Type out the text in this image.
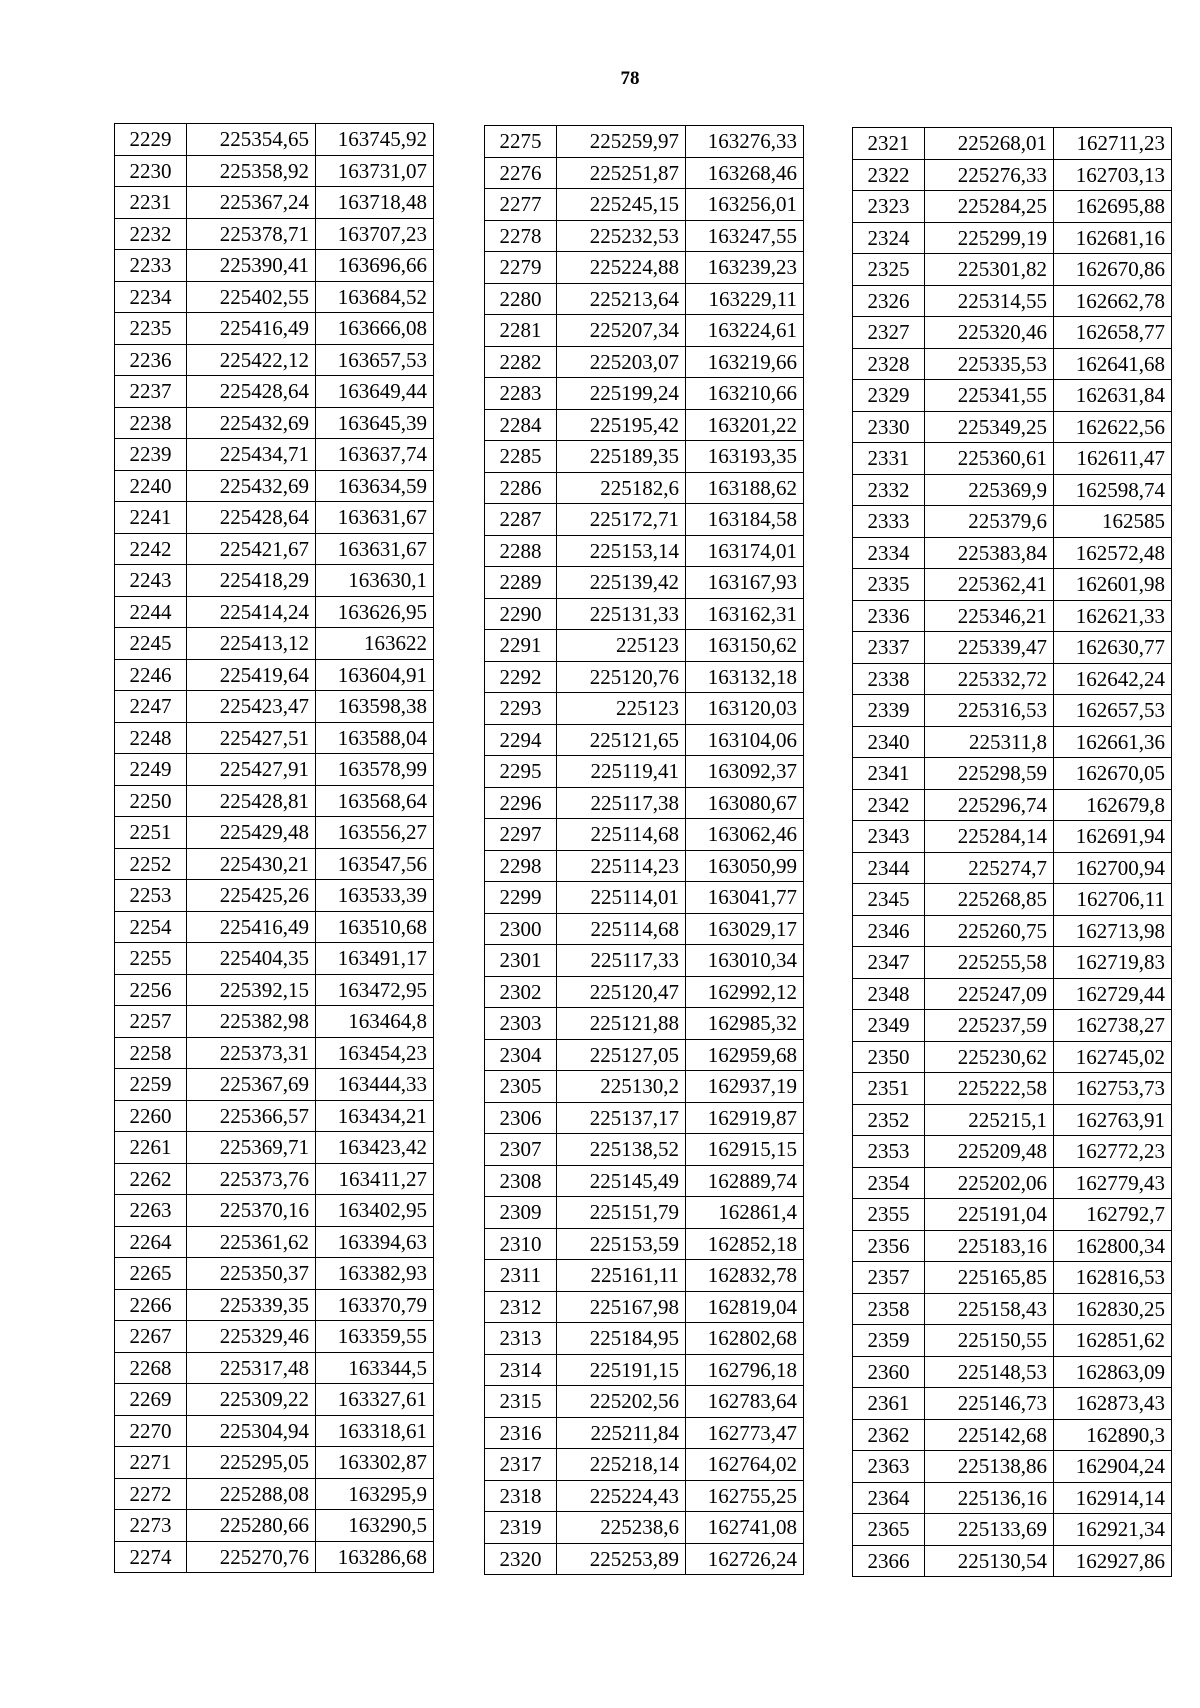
78
2229	225354,65	163745,92
2230	225358,92	163731,07
2231	225367,24	163718,48
2232	225378,71	163707,23
2233	225390,41	163696,66
2234	225402,55	163684,52
2235	225416,49	163666,08
2236	225422,12	163657,53
2237	225428,64	163649,44
2238	225432,69	163645,39
2239	225434,71	163637,74
2240	225432,69	163634,59
2241	225428,64	163631,67
2242	225421,67	163631,67
2243	225418,29	163630,1
2244	225414,24	163626,95
2245	225413,12	163622
2246	225419,64	163604,91
2247	225423,47	163598,38
2248	225427,51	163588,04
2249	225427,91	163578,99
2250	225428,81	163568,64
2251	225429,48	163556,27
2252	225430,21	163547,56
2253	225425,26	163533,39
2254	225416,49	163510,68
2255	225404,35	163491,17
2256	225392,15	163472,95
2257	225382,98	163464,8
2258	225373,31	163454,23
2259	225367,69	163444,33
2260	225366,57	163434,21
2261	225369,71	163423,42
2262	225373,76	163411,27
2263	225370,16	163402,95
2264	225361,62	163394,63
2265	225350,37	163382,93
2266	225339,35	163370,79
2267	225329,46	163359,55
2268	225317,48	163344,5
2269	225309,22	163327,61
2270	225304,94	163318,61
2271	225295,05	163302,87
2272	225288,08	163295,9
2273	225280,66	163290,5
2274	225270,76	163286,68
2275	225259,97	163276,33
2276	225251,87	163268,46
2277	225245,15	163256,01
2278	225232,53	163247,55
2279	225224,88	163239,23
2280	225213,64	163229,11
2281	225207,34	163224,61
2282	225203,07	163219,66
2283	225199,24	163210,66
2284	225195,42	163201,22
2285	225189,35	163193,35
2286	225182,6	163188,62
2287	225172,71	163184,58
2288	225153,14	163174,01
2289	225139,42	163167,93
2290	225131,33	163162,31
2291	225123	163150,62
2292	225120,76	163132,18
2293	225123	163120,03
2294	225121,65	163104,06
2295	225119,41	163092,37
2296	225117,38	163080,67
2297	225114,68	163062,46
2298	225114,23	163050,99
2299	225114,01	163041,77
2300	225114,68	163029,17
2301	225117,33	163010,34
2302	225120,47	162992,12
2303	225121,88	162985,32
2304	225127,05	162959,68
2305	225130,2	162937,19
2306	225137,17	162919,87
2307	225138,52	162915,15
2308	225145,49	162889,74
2309	225151,79	162861,4
2310	225153,59	162852,18
2311	225161,11	162832,78
2312	225167,98	162819,04
2313	225184,95	162802,68
2314	225191,15	162796,18
2315	225202,56	162783,64
2316	225211,84	162773,47
2317	225218,14	162764,02
2318	225224,43	162755,25
2319	225238,6	162741,08
2320	225253,89	162726,24
2321	225268,01	162711,23
2322	225276,33	162703,13
2323	225284,25	162695,88
2324	225299,19	162681,16
2325	225301,82	162670,86
2326	225314,55	162662,78
2327	225320,46	162658,77
2328	225335,53	162641,68
2329	225341,55	162631,84
2330	225349,25	162622,56
2331	225360,61	162611,47
2332	225369,9	162598,74
2333	225379,6	162585
2334	225383,84	162572,48
2335	225362,41	162601,98
2336	225346,21	162621,33
2337	225339,47	162630,77
2338	225332,72	162642,24
2339	225316,53	162657,53
2340	225311,8	162661,36
2341	225298,59	162670,05
2342	225296,74	162679,8
2343	225284,14	162691,94
2344	225274,7	162700,94
2345	225268,85	162706,11
2346	225260,75	162713,98
2347	225255,58	162719,83
2348	225247,09	162729,44
2349	225237,59	162738,27
2350	225230,62	162745,02
2351	225222,58	162753,73
2352	225215,1	162763,91
2353	225209,48	162772,23
2354	225202,06	162779,43
2355	225191,04	162792,7
2356	225183,16	162800,34
2357	225165,85	162816,53
2358	225158,43	162830,25
2359	225150,55	162851,62
2360	225148,53	162863,09
2361	225146,73	162873,43
2362	225142,68	162890,3
2363	225138,86	162904,24
2364	225136,16	162914,14
2365	225133,69	162921,34
2366	225130,54	162927,86
